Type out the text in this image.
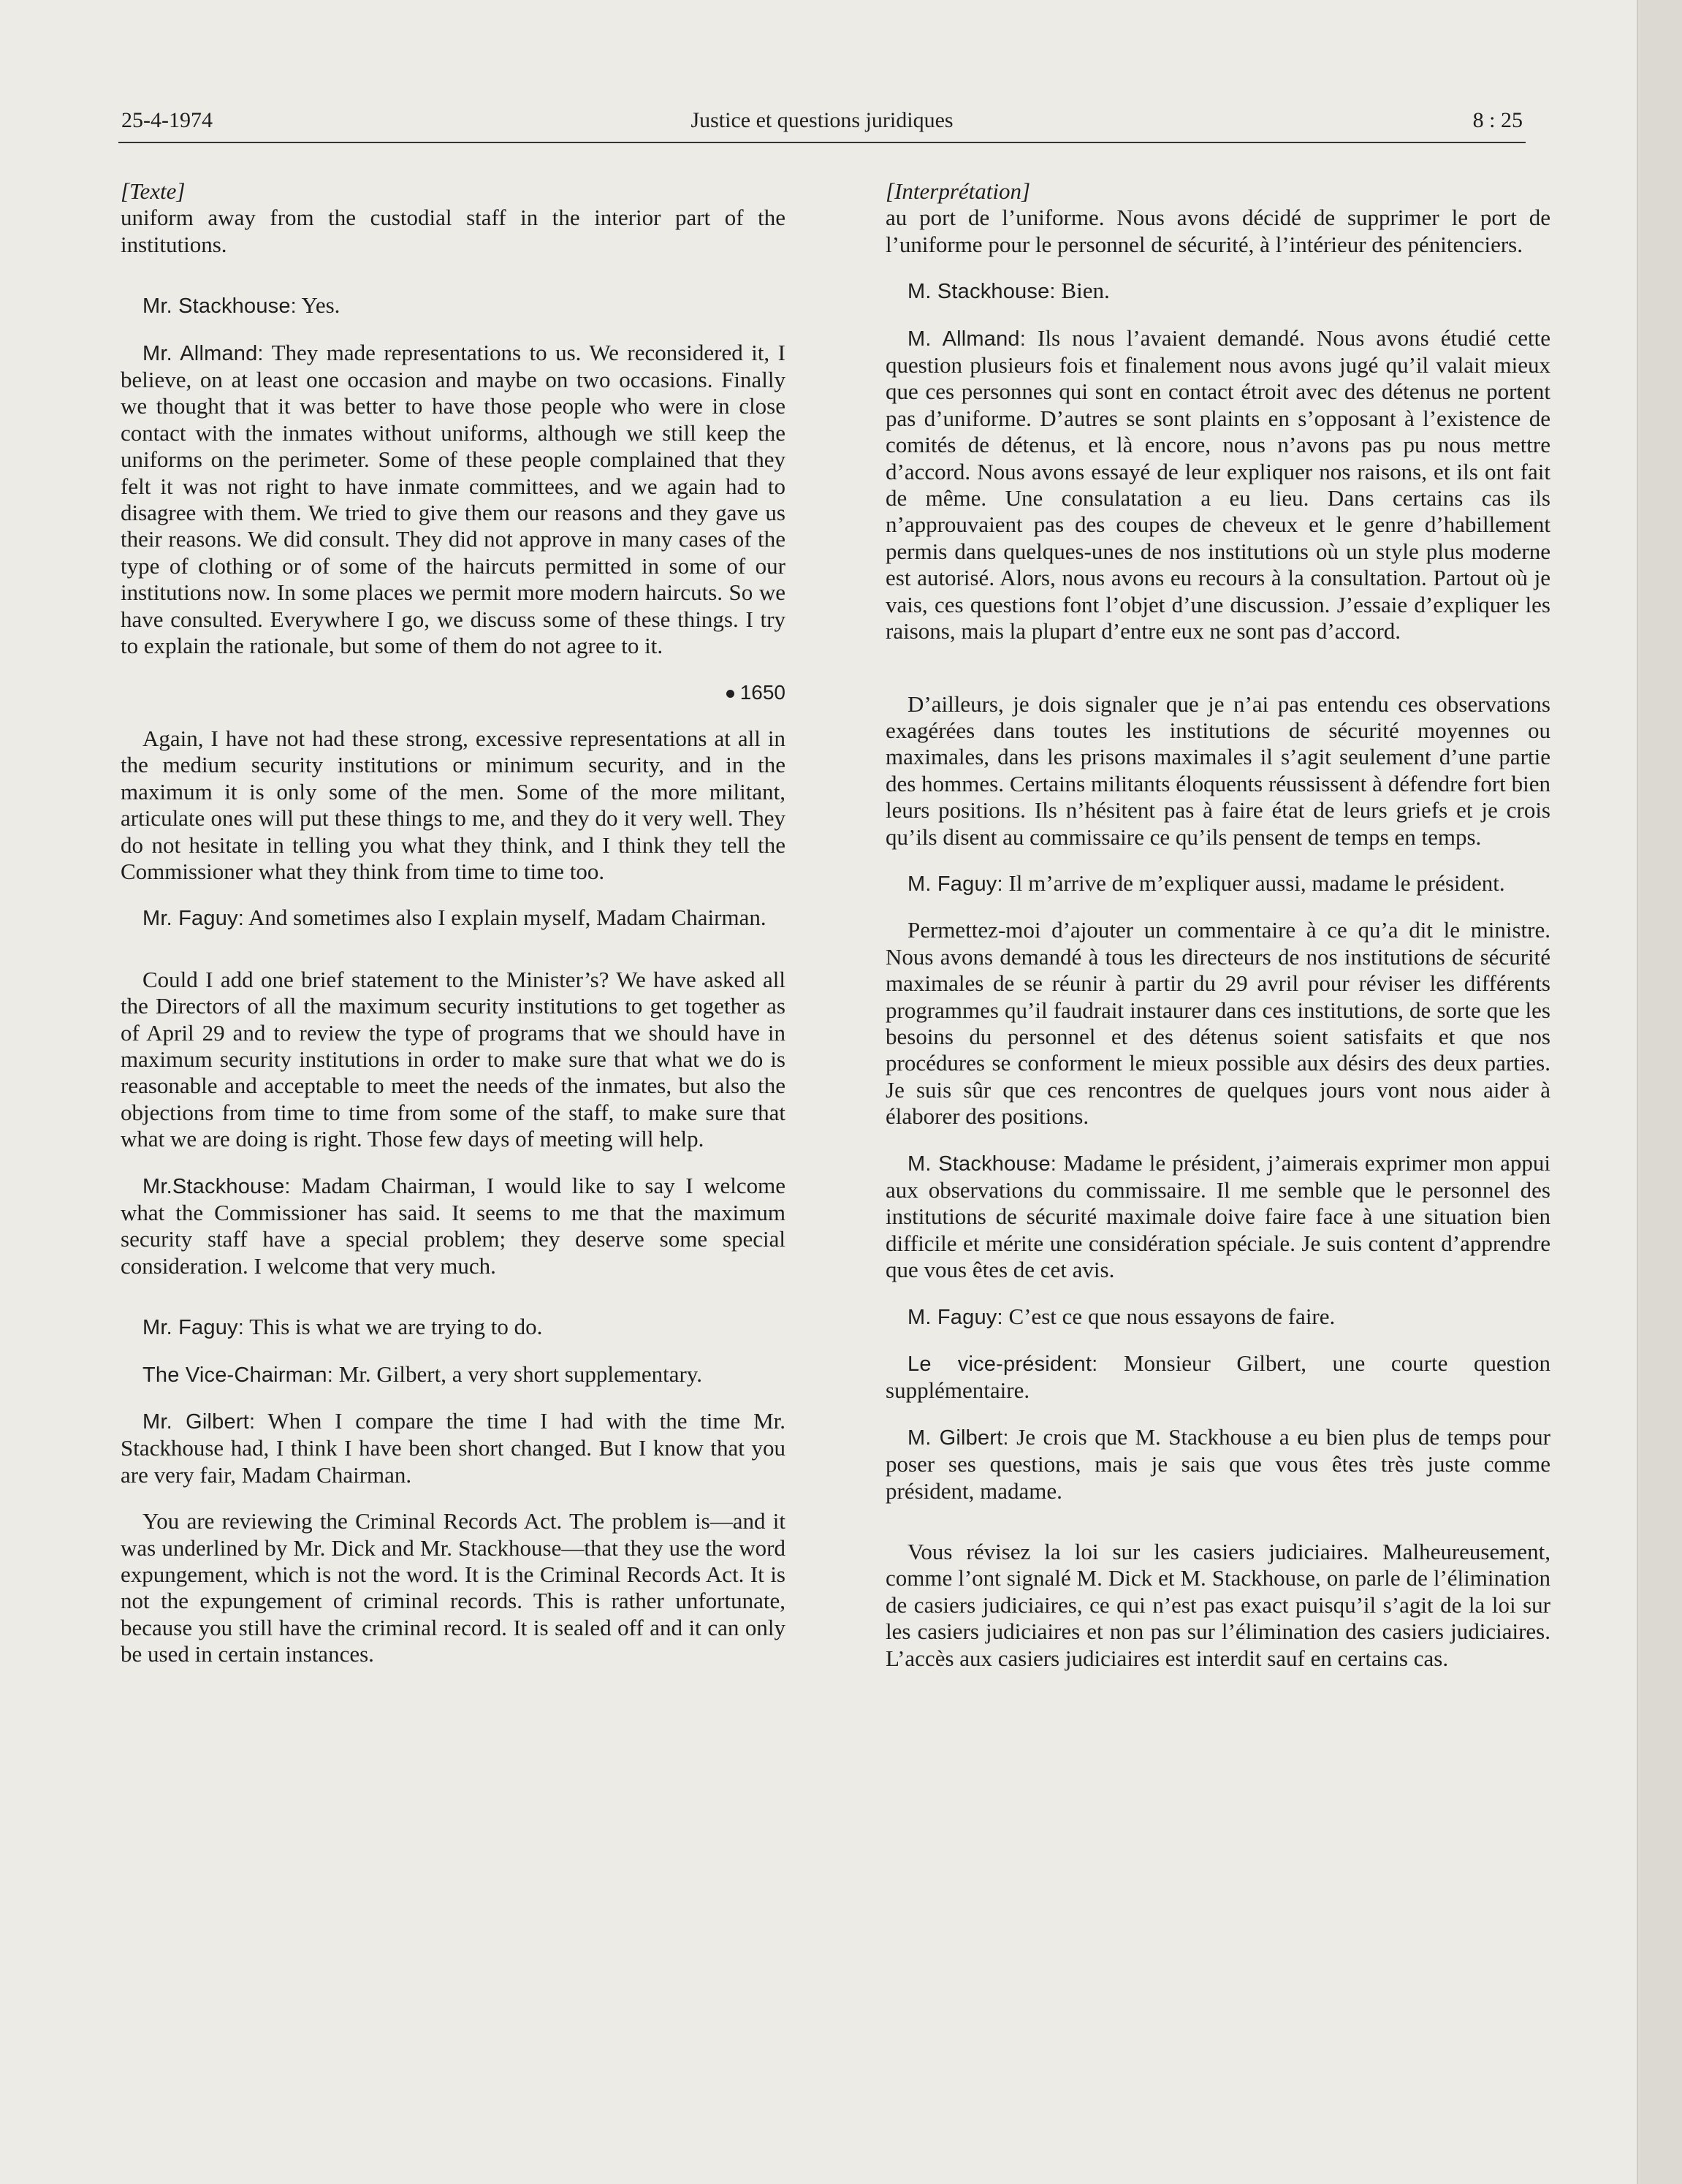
25-4-1974	Justice et questions juridiques	8 : 25

[Texte]

uniform away from the custodial staff in the interior part of the institutions.

Mr. Stackhouse: Yes.

Mr. Allmand: They made representations to us. We reconsidered it, I believe, on at least one occasion and maybe on two occasions. Finally we thought that it was better to have those people who were in close contact with the inmates without uniforms, although we still keep the uniforms on the perimeter. Some of these people complained that they felt it was not right to have inmate committees, and we again had to disagree with them. We tried to give them our reasons and they gave us their reasons. We did consult. They did not approve in many cases of the type of clothing or of some of the haircuts permitted in some of our institutions now. In some places we permit more modern haircuts. So we have consulted. Everywhere I go, we discuss some of these things. I try to explain the rationale, but some of them do not agree to it.

1650

Again, I have not had these strong, excessive representations at all in the medium security institutions or minimum security, and in the maximum it is only some of the men. Some of the more militant, articulate ones will put these things to me, and they do it very well. They do not hesitate in telling you what they think, and I think they tell the Commissioner what they think from time to time too.

Mr. Faguy: And sometimes also I explain myself, Madam Chairman.

Could I add one brief statement to the Minister’s? We have asked all the Directors of all the maximum security institutions to get together as of April 29 and to review the type of programs that we should have in maximum security institutions in order to make sure that what we do is reasonable and acceptable to meet the needs of the inmates, but also the objections from time to time from some of the staff, to make sure that what we are doing is right. Those few days of meeting will help.

Mr.Stackhouse: Madam Chairman, I would like to say I welcome what the Commissioner has said. It seems to me that the maximum security staff have a special problem; they deserve some special consideration. I welcome that very much.

Mr. Faguy: This is what we are trying to do.

The Vice-Chairman: Mr. Gilbert, a very short supplementary.

Mr. Gilbert: When I compare the time I had with the time Mr. Stackhouse had, I think I have been short changed. But I know that you are very fair, Madam Chairman.

You are reviewing the Criminal Records Act. The problem is—and it was underlined by Mr. Dick and Mr. Stackhouse—that they use the word expungement, which is not the word. It is the Criminal Records Act. It is not the expungement of criminal records. This is rather unfortunate, because you still have the criminal record. It is sealed off and it can only be used in certain instances.

[Interprétation]

au port de l’uniforme. Nous avons décidé de supprimer le port de l’uniforme pour le personnel de sécurité, à l’intérieur des pénitenciers.

M. Stackhouse: Bien.

M. Allmand: Ils nous l’avaient demandé. Nous avons étudié cette question plusieurs fois et finalement nous avons jugé qu’il valait mieux que ces personnes qui sont en contact étroit avec des détenus ne portent pas d’uniforme. D’autres se sont plaints en s’opposant à l’existence de comités de détenus, et là encore, nous n’avons pas pu nous mettre d’accord. Nous avons essayé de leur expliquer nos raisons, et ils ont fait de même. Une consulatation a eu lieu. Dans certains cas ils n’approuvaient pas des coupes de cheveux et le genre d’habillement permis dans quelques-unes de nos institutions où un style plus moderne est autorisé. Alors, nous avons eu recours à la consultation. Partout où je vais, ces questions font l’objet d’une discussion. J’essaie d’expliquer les raisons, mais la plupart d’entre eux ne sont pas d’accord.

D’ailleurs, je dois signaler que je n’ai pas entendu ces observations exagérées dans toutes les institutions de sécurité moyennes ou maximales, dans les prisons maximales il s’agit seulement d’une partie des hommes. Certains militants éloquents réussissent à défendre fort bien leurs positions. Ils n’hésitent pas à faire état de leurs griefs et je crois qu’ils disent au commissaire ce qu’ils pensent de temps en temps.

M. Faguy: Il m’arrive de m’expliquer aussi, madame le président.

Permettez-moi d’ajouter un commentaire à ce qu’a dit le ministre. Nous avons demandé à tous les directeurs de nos institutions de sécurité maximales de se réunir à partir du 29 avril pour réviser les différents programmes qu’il faudrait instaurer dans ces institutions, de sorte que les besoins du personnel et des détenus soient satisfaits et que nos procédures se conforment le mieux possible aux désirs des deux parties. Je suis sûr que ces rencontres de quelques jours vont nous aider à élaborer des positions.

M. Stackhouse: Madame le président, j’aimerais exprimer mon appui aux observations du commissaire. Il me semble que le personnel des institutions de sécurité maximale doive faire face à une situation bien difficile et mérite une considération spéciale. Je suis content d’apprendre que vous êtes de cet avis.

M. Faguy: C’est ce que nous essayons de faire.

Le vice-président: Monsieur Gilbert, une courte question supplémentaire.

M. Gilbert: Je crois que M. Stackhouse a eu bien plus de temps pour poser ses questions, mais je sais que vous êtes très juste comme président, madame.

Vous révisez la loi sur les casiers judiciaires. Malheureusement, comme l’ont signalé M. Dick et M. Stackhouse, on parle de l’élimination de casiers judiciaires, ce qui n’est pas exact puisqu’il s’agit de la loi sur les casiers judiciaires et non pas sur l’élimination des casiers judiciaires. L’accès aux casiers judiciaires est interdit sauf en certains cas.
